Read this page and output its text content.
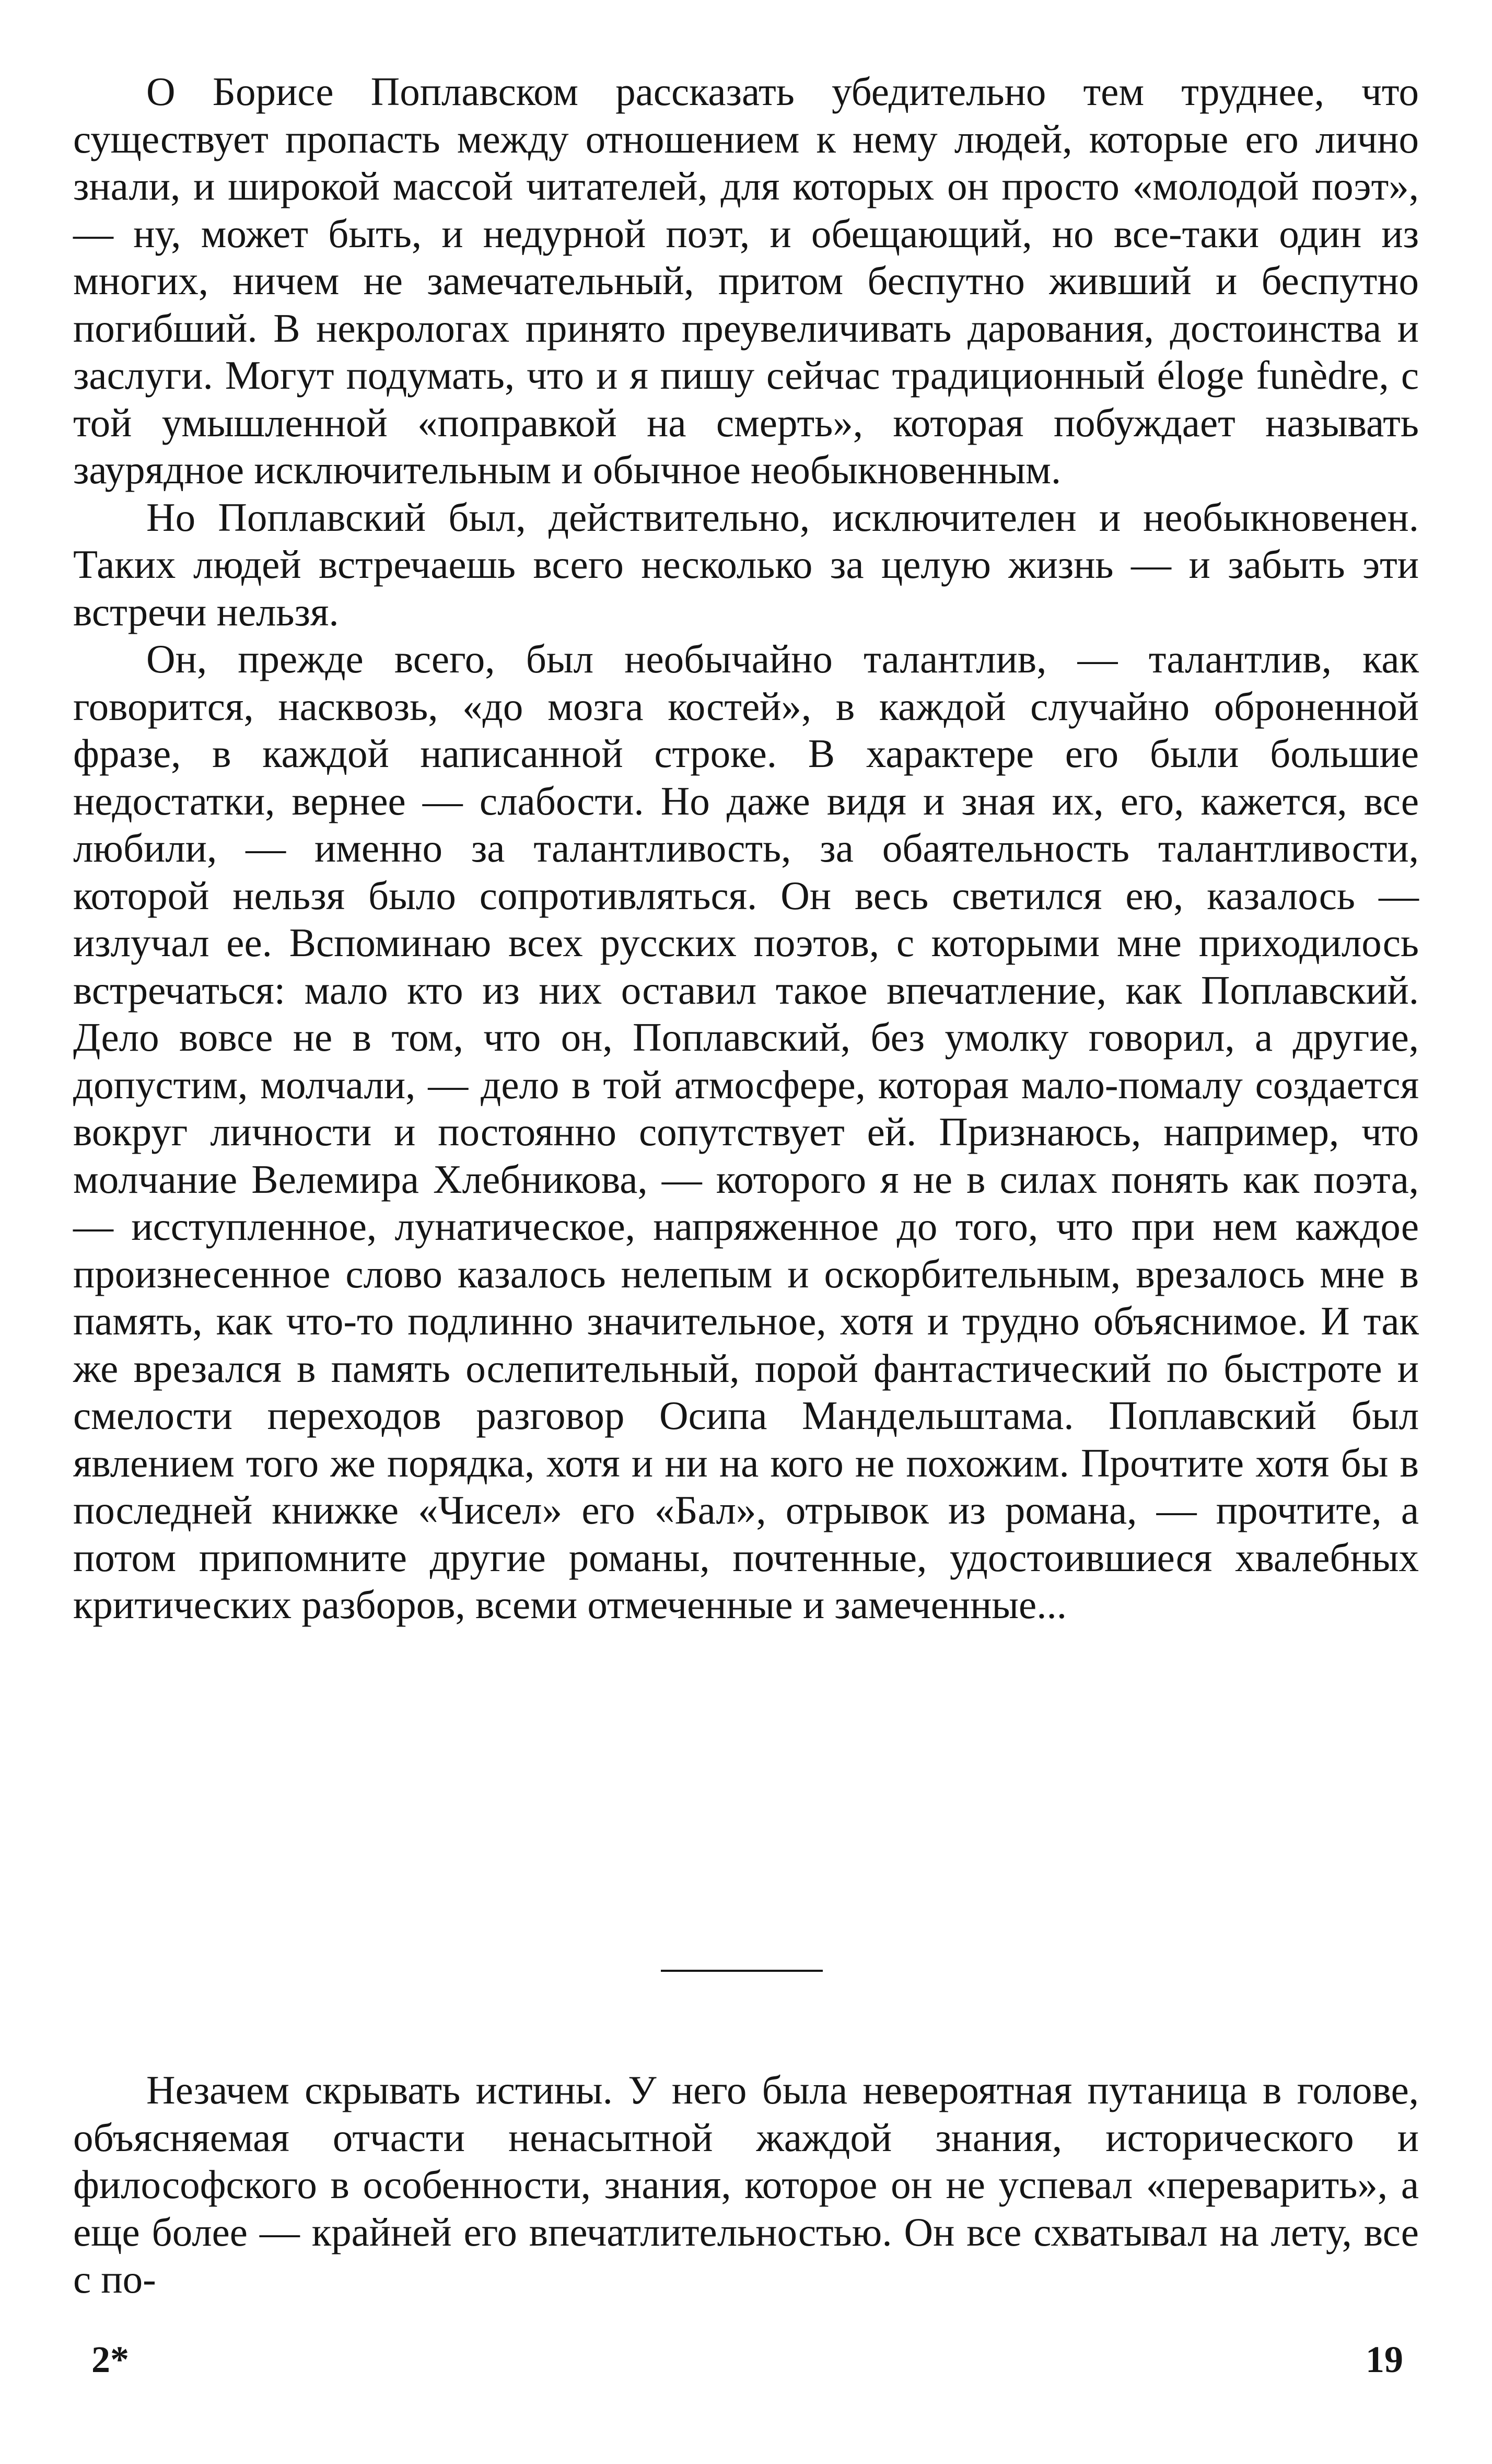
О Борисе Поплавском рассказать убедительно тем труднее, что существует пропасть между отношением к нему людей, которые его лично знали, и широкой массой читателей, для которых он просто «молодой поэт», — ну, может быть, и недурной поэт, и обещающий, но все-таки один из многих, ничем не замечательный, притом беспутно живший и беспутно погибший. В некрологах принято преувеличивать дарования, достоинства и заслуги. Могут подумать, что и я пишу сейчас традиционный éloge funèdre, с той умышленной «поправкой на смерть», которая побуждает называть заурядное исключительным и обычное необыкновенным.

Но Поплавский был, действительно, исключителен и необыкновенен. Таких людей встречаешь всего несколько за целую жизнь — и забыть эти встречи нельзя.

Он, прежде всего, был необычайно талантлив, — талантлив, как говорится, насквозь, «до мозга костей», в каждой случайно оброненной фразе, в каждой написанной строке. В характере его были большие недостатки, вернее — слабости. Но даже видя и зная их, его, кажется, все любили, — именно за талантливость, за обаятельность талантливости, которой нельзя было сопротивляться. Он весь светился ею, казалось — излучал ее. Вспоминаю всех русских поэтов, с которыми мне приходилось встречаться: мало кто из них оставил такое впечатление, как Поплавский. Дело вовсе не в том, что он, Поплавский, без умолку говорил, а другие, допустим, молчали, — дело в той атмосфере, которая мало-помалу создается вокруг личности и постоянно сопутствует ей. Признаюсь, например, что молчание Велемира Хлебникова, — которого я не в силах понять как поэта, — исступленное, лунатическое, напряженное до того, что при нем каждое произнесенное слово казалось нелепым и оскорбительным, врезалось мне в память, как что-то подлинно значительное, хотя и трудно объяснимое. И так же врезался в память ослепительный, порой фантастический по быстроте и смелости переходов разговор Осипа Мандельштама. Поплавский был явлением того же порядка, хотя и ни на кого не похожим. Прочтите хотя бы в последней книжке «Чисел» его «Бал», отрывок из романа, — прочтите, а потом припомните другие романы, почтенные, удостоившиеся хвалебных критических разборов, всеми отмеченные и замеченные...

Незачем скрывать истины. У него была невероятная путаница в голове, объясняемая отчасти ненасытной жаждой знания, исторического и философского в особенности, знания, которое он не успевал «переварить», а еще более — крайней его впечатлительностью. Он все схватывал на лету, все с по-

2*	19
